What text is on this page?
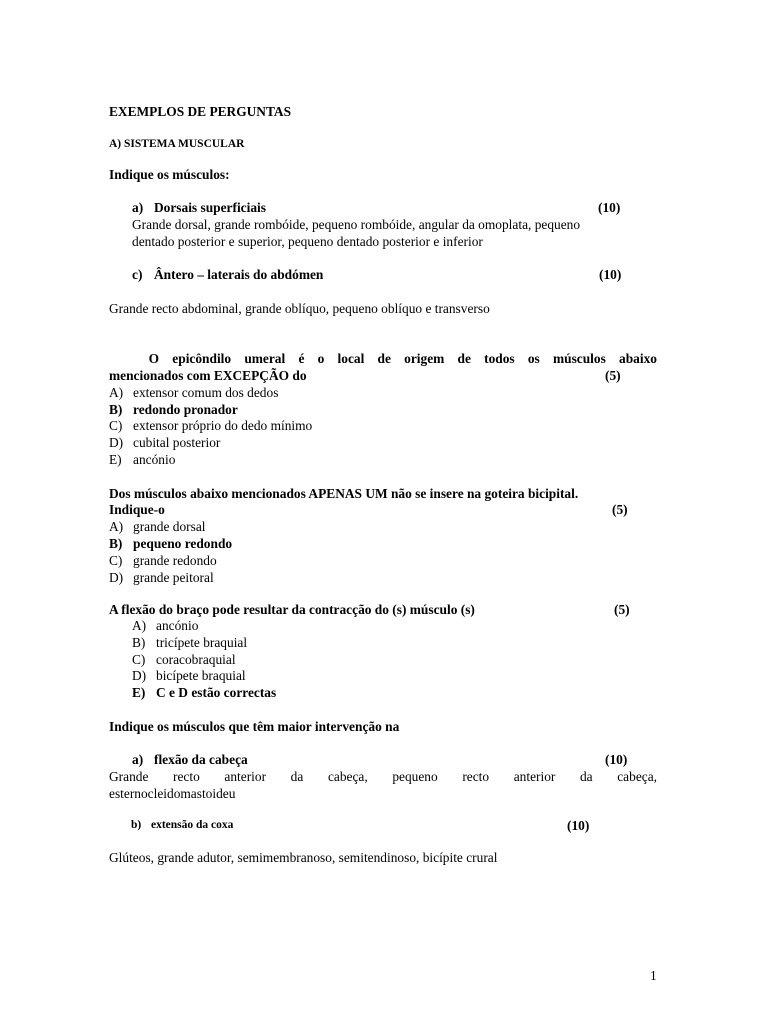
EXEMPLOS DE PERGUNTAS
A) SISTEMA MUSCULAR
Indique os músculos:
a) Dorsais superficiais	(10)
Grande dorsal, grande rombóide, pequeno rombóide, angular da omoplata, pequeno
dentado posterior e superior, pequeno dentado posterior e inferior
c) Ântero – laterais do abdómen	(10)
Grande recto abdominal, grande oblíquo, pequeno oblíquo e transverso
O epicôndilo umeral é o local de origem de todos os músculos abaixo
mencionados com EXCEPÇÃO do	(5)
A) extensor comum dos dedos
B) redondo pronador
C) extensor próprio do dedo mínimo
D) cubital posterior
E) ancónio
Dos músculos abaixo mencionados APENAS UM não se insere na goteira bicipital.
Indique-o	(5)
A) grande dorsal
B) pequeno redondo
C) grande redondo
D) grande peitoral
A flexão do braço pode resultar da contracção do (s) músculo (s)	(5)
A) ancónio
B) tricípete braquial
C) coracobraquial
D) bicípete braquial
E) C e D estão correctas
Indique os músculos que têm maior intervenção na
a) flexão da cabeça	(10)
Grande recto anterior da cabeça, pequeno recto anterior da cabeça,
esternocleidomastoideu
b) extensão da coxa	(10)
Glúteos, grande adutor, semimembranoso, semitendinoso, bicípite crural
1
